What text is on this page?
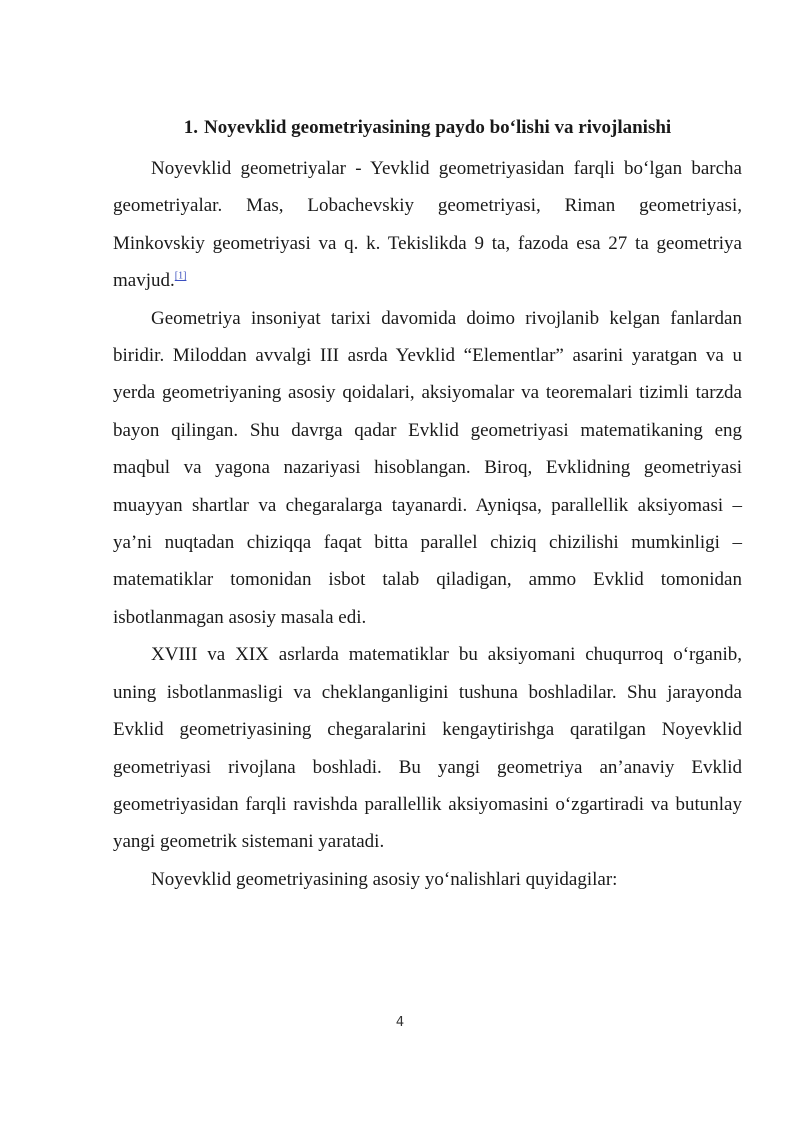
1. Noyevklid geometriyasining paydo boʻlishi va rivojlanishi

Noyevklid geometriyalar - Yevklid geometriyasidan farqli boʻlgan barcha geometriyalar. Mas, Lobachevskiy geometriyasi, Riman geometriyasi, Minkovskiy geometriyasi va q. k. Tekislikda 9 ta, fazoda esa 27 ta geometriya mavjud.[1]

Geometriya insoniyat tarixi davomida doimo rivojlanib kelgan fanlardan biridir. Miloddan avvalgi III asrda Yevklid “Elementlar” asarini yaratgan va u yerda geometriyaning asosiy qoidalari, aksiyomalar va teoremalari tizimli tarzda bayon qilingan. Shu davrga qadar Evklid geometriyasi matematikaning eng maqbul va yagona nazariyasi hisoblangan. Biroq, Evklidning geometriyasi muayyan shartlar va chegaralarga tayanardi. Ayniqsa, parallellik aksiyomasi – ya’ni nuqtadan chiziqqa faqat bitta parallel chiziq chizilishi mumkinligi – matematiklar tomonidan isbot talab qiladigan, ammo Evklid tomonidan isbotlanmagan asosiy masala edi.

XVIII va XIX asrlarda matematiklar bu aksiyomani chuqurroq oʻrganib, uning isbotlanmasligi va cheklanganligini tushuna boshladilar. Shu jarayonda Evklid geometriyasining chegaralarini kengaytirishga qaratilgan Noyevklid geometriyasi rivojlana boshladi. Bu yangi geometriya an’anaviy Evklid geometriyasidan farqli ravishda parallellik aksiyomasini oʻzgartiradi va butunlay yangi geometrik sistemani yaratadi.

Noyevklid geometriyasining asosiy yoʻnalishlari quyidagilar:

4
